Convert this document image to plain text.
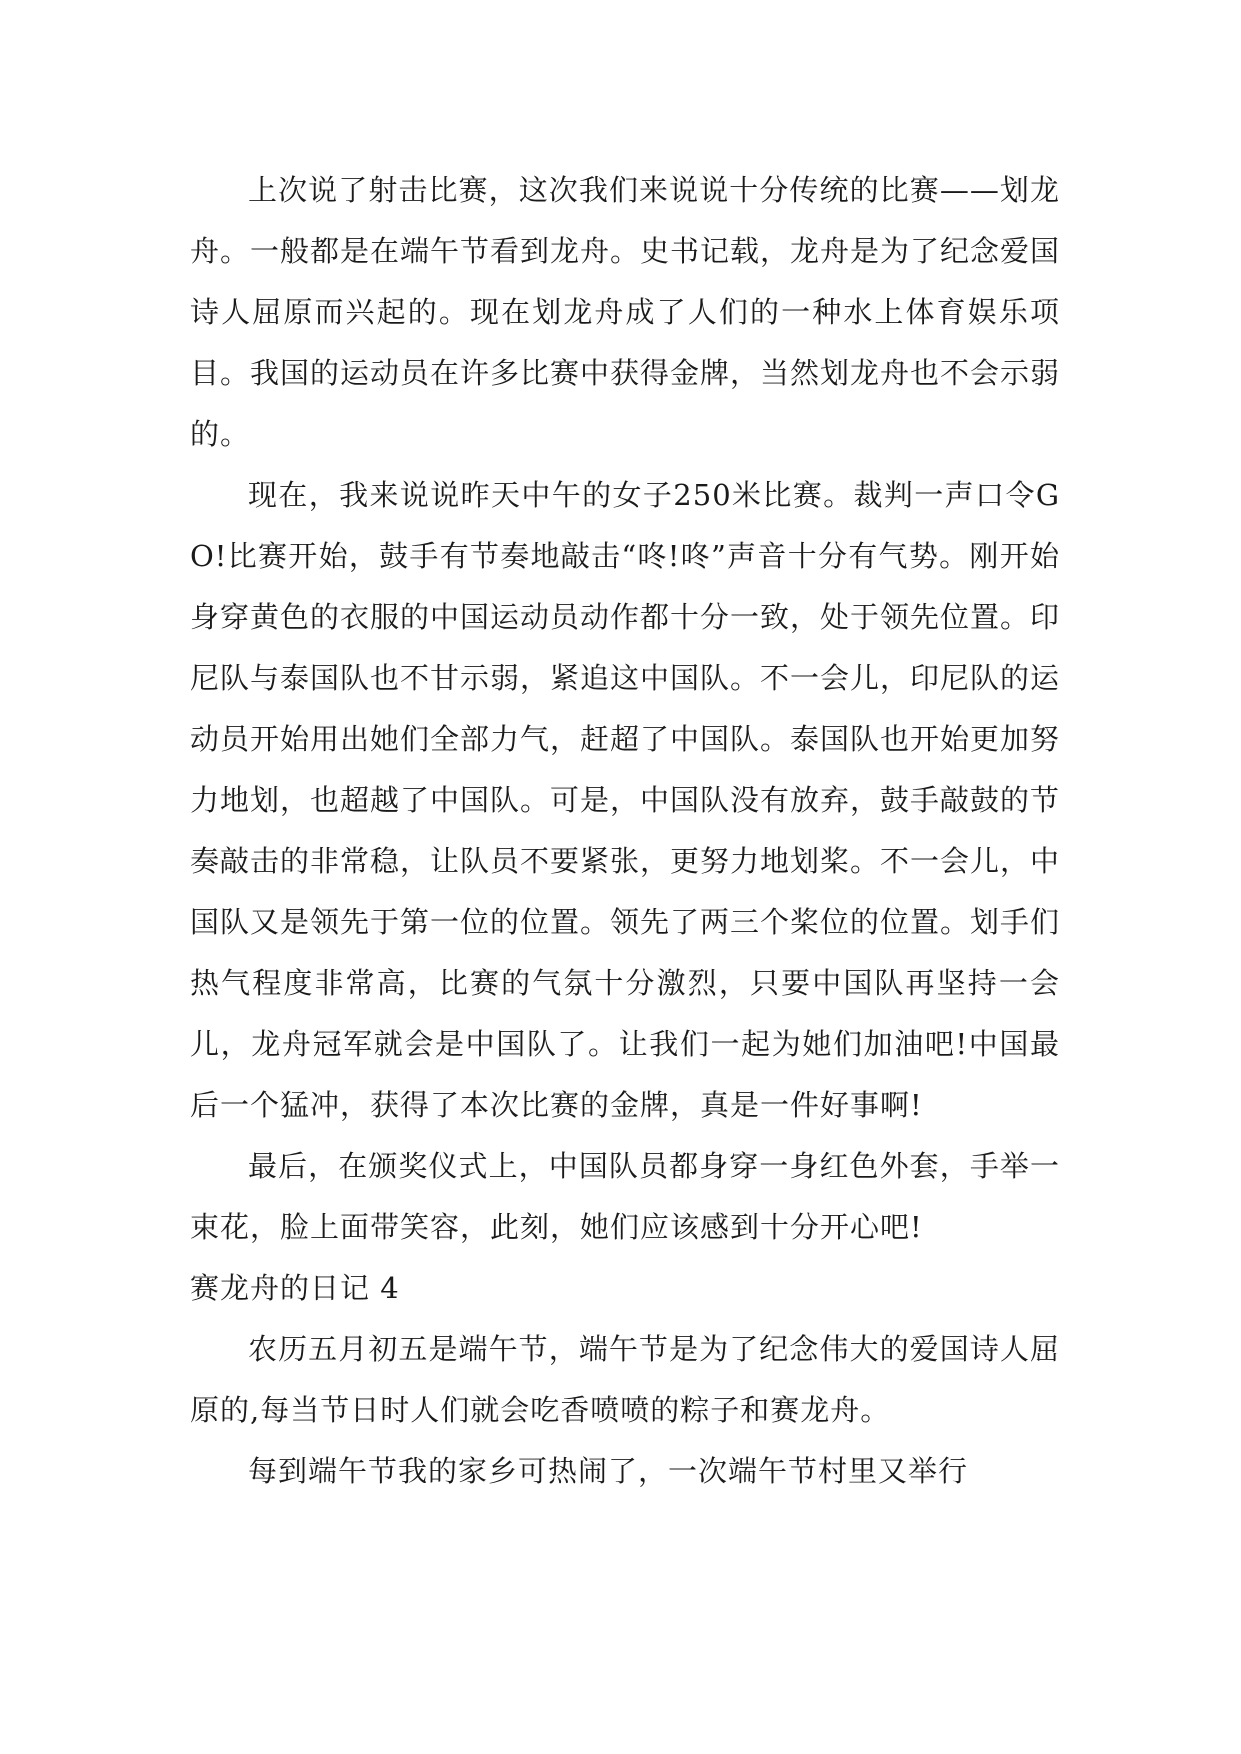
上次说了射击比赛，这次我们来说说十分传统的比赛——划龙舟。一般都是在端午节看到龙舟。史书记载，龙舟是为了纪念爱国诗人屈原而兴起的。现在划龙舟成了人们的一种水上体育娱乐项目。我国的运动员在许多比赛中获得金牌，当然划龙舟也不会示弱的。

现在，我来说说昨天中午的女子250米比赛。裁判一声口令GO!比赛开始，鼓手有节奏地敲击“咚!咚”声音十分有气势。刚开始身穿黄色的衣服的中国运动员动作都十分一致，处于领先位置。印尼队与泰国队也不甘示弱，紧追这中国队。不一会儿，印尼队的运动员开始用出她们全部力气，赶超了中国队。泰国队也开始更加努力地划，也超越了中国队。可是，中国队没有放弃，鼓手敲鼓的节奏敲击的非常稳，让队员不要紧张，更努力地划桨。不一会儿，中国队又是领先于第一位的位置。领先了两三个桨位的位置。划手们热气程度非常高，比赛的气氛十分激烈，只要中国队再坚持一会儿，龙舟冠军就会是中国队了。让我们一起为她们加油吧!中国最后一个猛冲，获得了本次比赛的金牌，真是一件好事啊!

最后，在颁奖仪式上，中国队员都身穿一身红色外套，手举一束花，脸上面带笑容，此刻，她们应该感到十分开心吧!

赛龙舟的日记 4

农历五月初五是端午节，端午节是为了纪念伟大的爱国诗人屈原的,每当节日时人们就会吃香喷喷的粽子和赛龙舟。

每到端午节我的家乡可热闹了，一次端午节村里又举行
